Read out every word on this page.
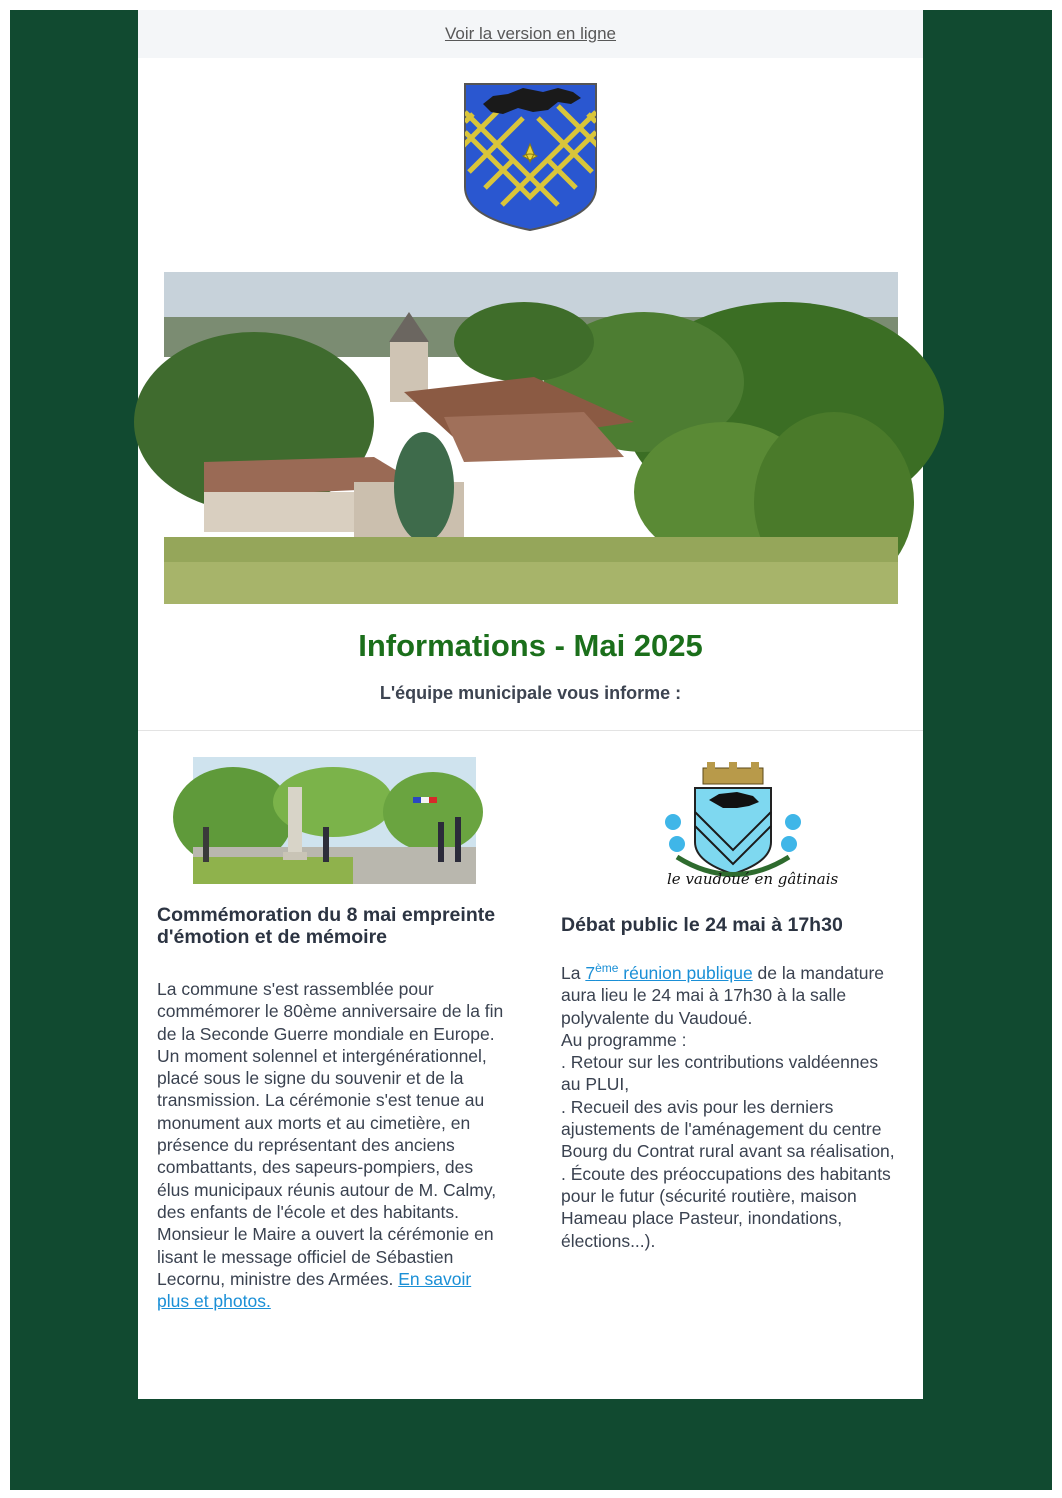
Voir la version en ligne
Informations - Mai 2025
L'équipe municipale vous informe :
Commémoration du 8 mai empreinte d'émotion et de mémoire

La commune s'est rassemblée pour commémorer le 80ème anniversaire de la fin de la Seconde Guerre mondiale en Europe. Un moment solennel et intergénérationnel, placé sous le signe du souvenir et de la transmission. La cérémonie s'est tenue au monument aux morts et au cimetière, en présence du représentant des anciens combattants, des sapeurs-pompiers, des élus municipaux réunis autour de M. Calmy, des enfants de l'école et des habitants. Monsieur le Maire a ouvert la cérémonie en lisant le message officiel de Sébastien Lecornu, ministre des Armées. En savoir plus et photos.

le vaudoué en gâtinais
Débat public le 24 mai à 17h30

La 7ème réunion publique de la mandature aura lieu le 24 mai à 17h30 à la salle polyvalente du Vaudoué.
Au programme :
. Retour sur les contributions valdéennes au PLUI,
. Recueil des avis pour les derniers ajustements de l'aménagement du centre Bourg du Contrat rural avant sa réalisation,
. Écoute des préoccupations des habitants pour le futur (sécurité routière, maison Hameau place Pasteur, inondations, élections...).
